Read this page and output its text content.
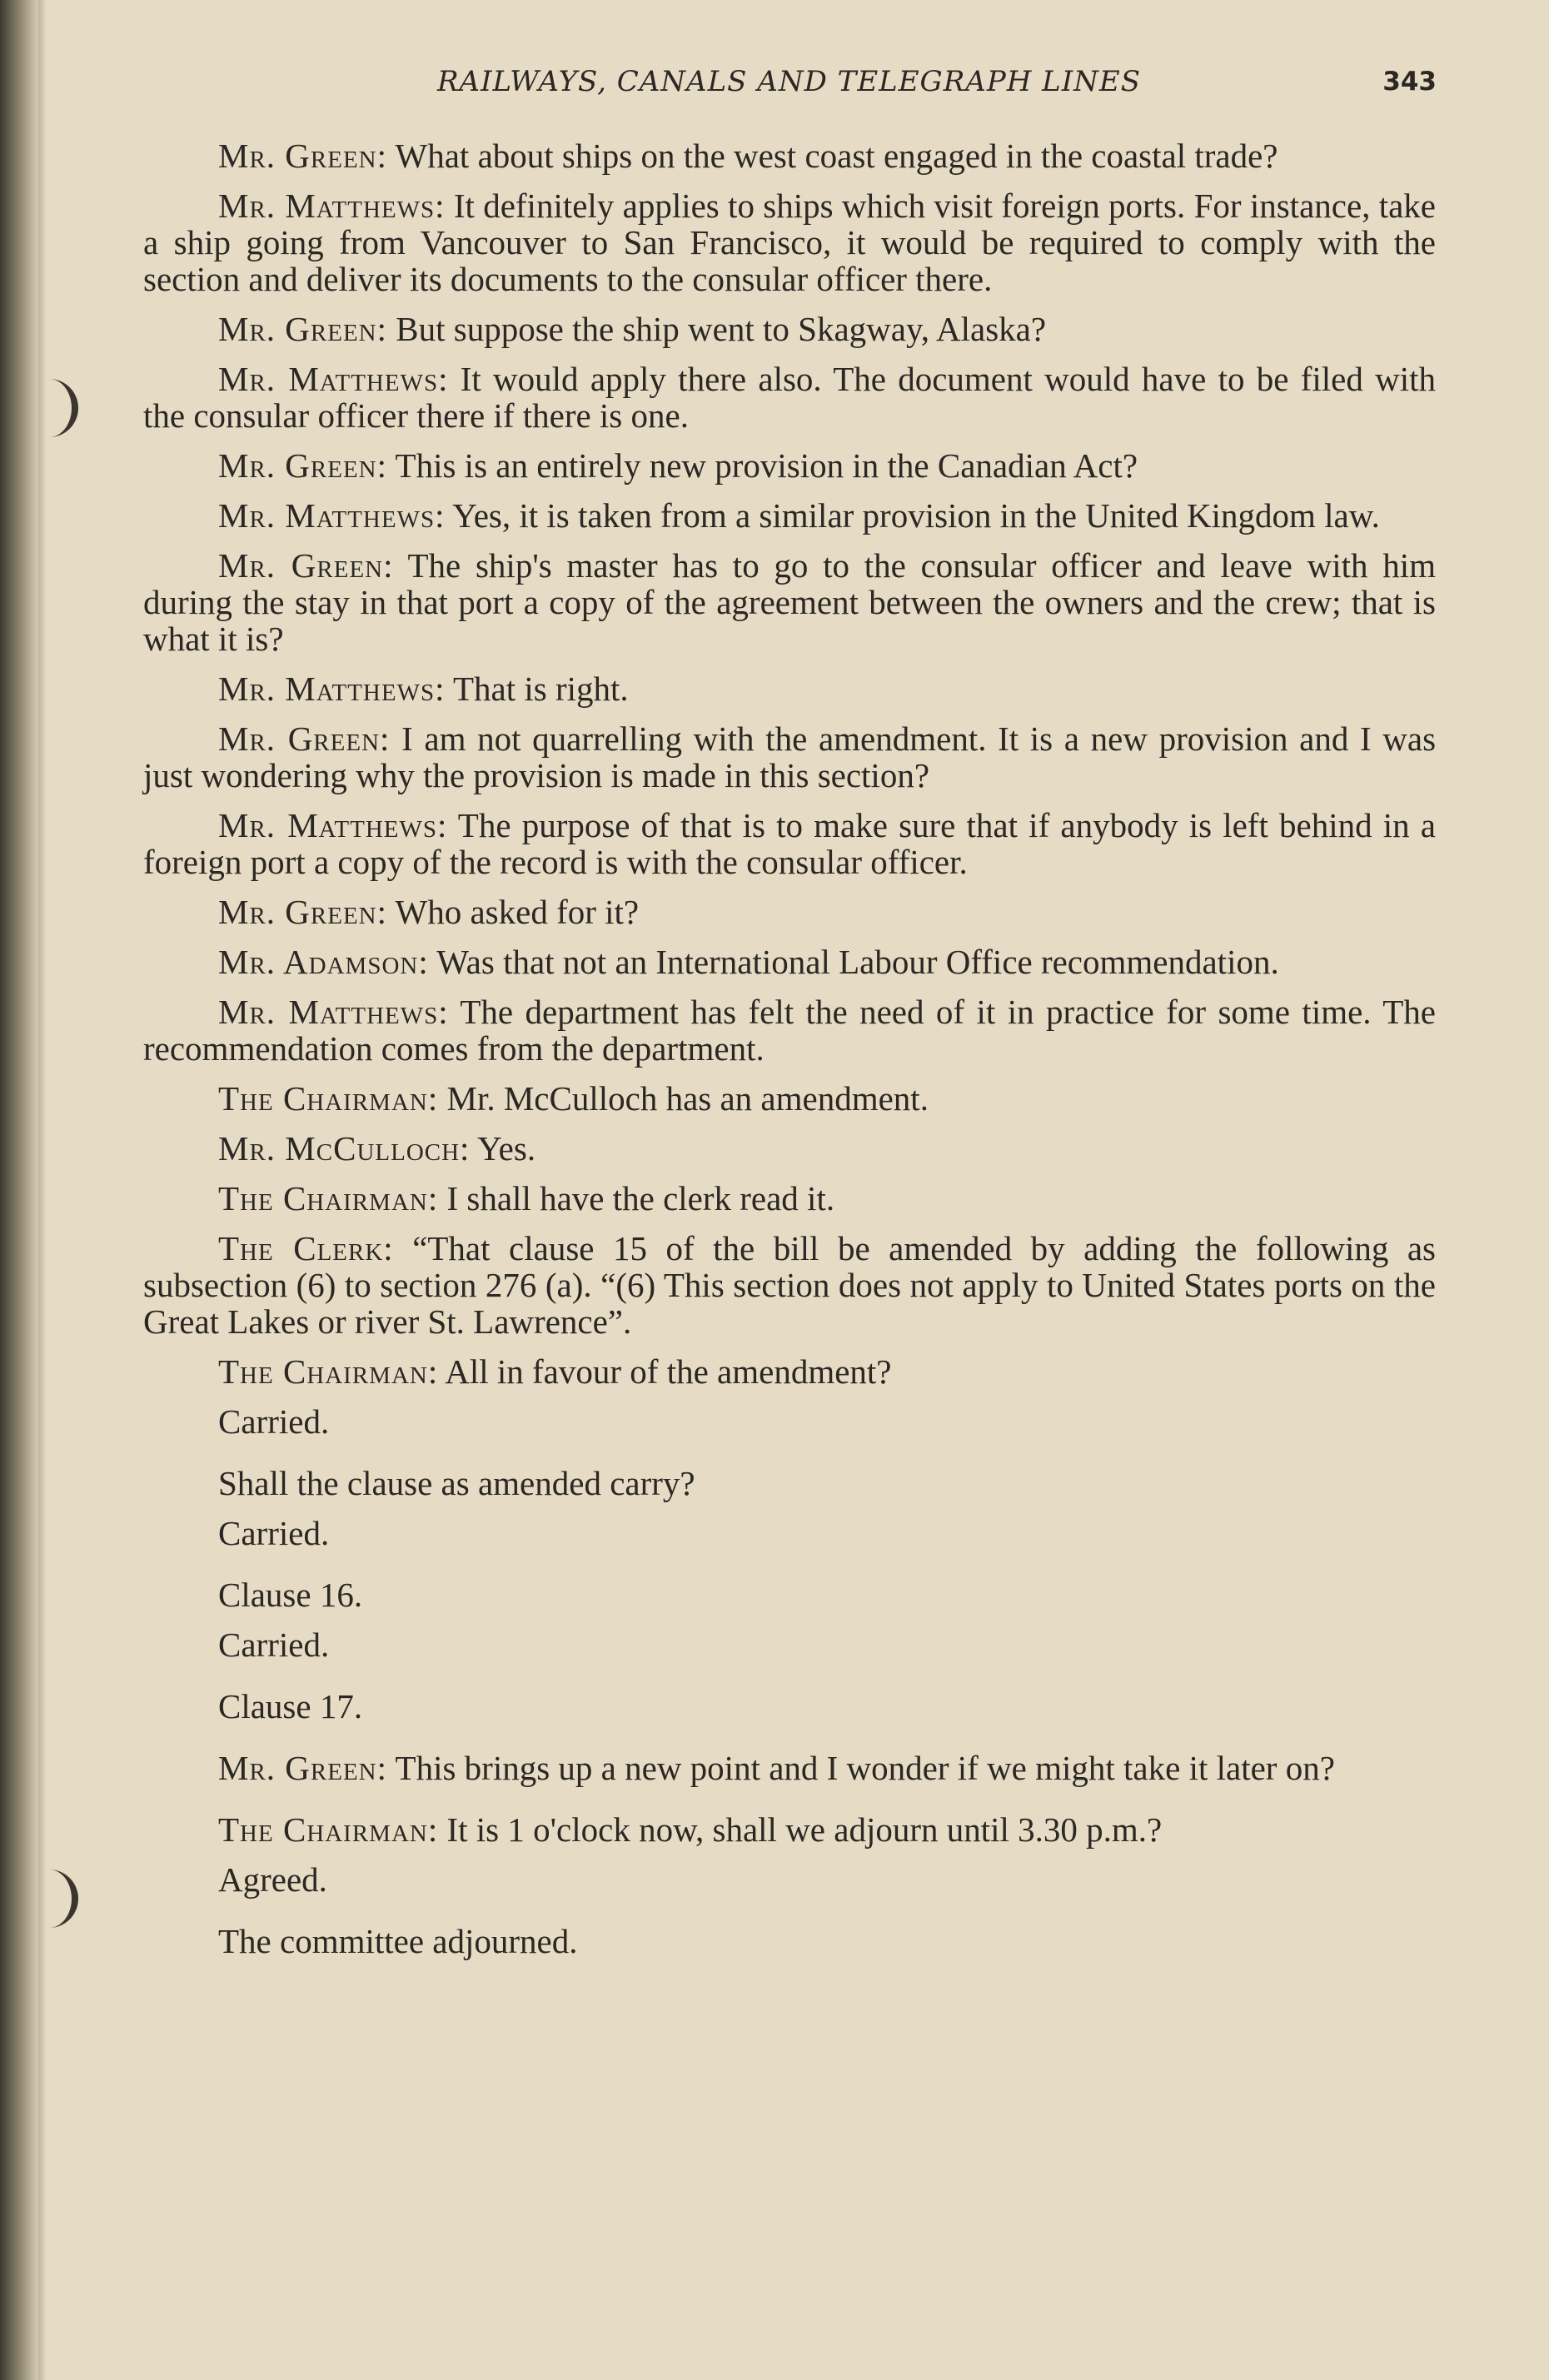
RAILWAYS, CANALS AND TELEGRAPH LINES	343

Mr. Green: What about ships on the west coast engaged in the coastal trade?

Mr. Matthews: It definitely applies to ships which visit foreign ports. For instance, take a ship going from Vancouver to San Francisco, it would be required to comply with the section and deliver its documents to the consular officer there.

Mr. Green: But suppose the ship went to Skagway, Alaska?

Mr. Matthews: It would apply there also. The document would have to be filed with the consular officer there if there is one.

Mr. Green: This is an entirely new provision in the Canadian Act?

Mr. Matthews: Yes, it is taken from a similar provision in the United Kingdom law.

Mr. Green: The ship's master has to go to the consular officer and leave with him during the stay in that port a copy of the agreement between the owners and the crew; that is what it is?

Mr. Matthews: That is right.

Mr. Green: I am not quarrelling with the amendment. It is a new provision and I was just wondering why the provision is made in this section?

Mr. Matthews: The purpose of that is to make sure that if anybody is left behind in a foreign port a copy of the record is with the consular officer.

Mr. Green: Who asked for it?

Mr. Adamson: Was that not an International Labour Office recommendation.

Mr. Matthews: The department has felt the need of it in practice for some time. The recommendation comes from the department.

The Chairman: Mr. McCulloch has an amendment.

Mr. McCulloch: Yes.

The Chairman: I shall have the clerk read it.

The Clerk: “That clause 15 of the bill be amended by adding the following as subsection (6) to section 276 (a). “(6) This section does not apply to United States ports on the Great Lakes or river St. Lawrence”.

The Chairman: All in favour of the amendment?

Carried.

Shall the clause as amended carry?

Carried.

Clause 16.

Carried.

Clause 17.

Mr. Green: This brings up a new point and I wonder if we might take it later on?

The Chairman: It is 1 o'clock now, shall we adjourn until 3.30 p.m.?

Agreed.

The committee adjourned.
